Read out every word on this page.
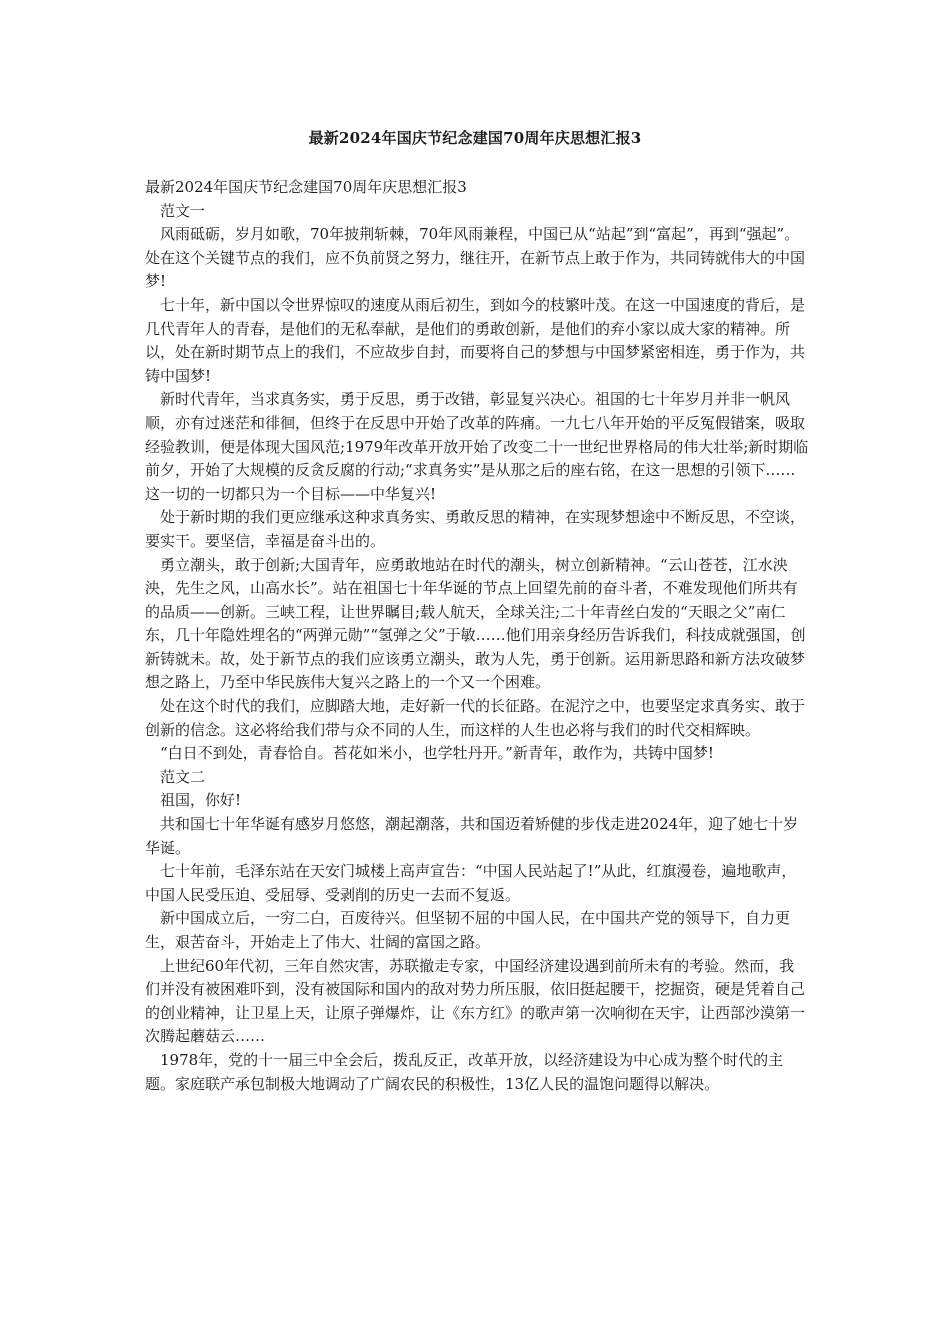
最新2024年国庆节纪念建国70周年庆思想汇报3

最新2024年国庆节纪念建国70周年庆思想汇报3

范文一

风雨砥砺，岁月如歌，70年披荆斩棘，70年风雨兼程，中国已从“站起”到“富起”，再到“强起”。处在这个关键节点的我们，应不负前贤之努力，继往开，在新节点上敢于作为，共同铸就伟大的中国梦!

七十年，新中国以令世界惊叹的速度从雨后初生，到如今的枝繁叶茂。在这一中国速度的背后，是几代青年人的青春，是他们的无私奉献，是他们的勇敢创新，是他们的弃小家以成大家的精神。所以，处在新时期节点上的我们，不应故步自封，而要将自己的梦想与中国梦紧密相连，勇于作为，共铸中国梦!

新时代青年，当求真务实，勇于反思，勇于改错，彰显复兴决心。祖国的七十年岁月并非一帆风顺，亦有过迷茫和徘徊，但终于在反思中开始了改革的阵痛。一九七八年开始的平反冤假错案，吸取经验教训，便是体现大国风范;1979年改革开放开始了改变二十一世纪世界格局的伟大壮举;新时期临前夕，开始了大规模的反贪反腐的行动;“求真务实”是从那之后的座右铭，在这一思想的引领下……这一切的一切都只为一个目标——中华复兴!

处于新时期的我们更应继承这种求真务实、勇敢反思的精神，在实现梦想途中不断反思，不空谈，要实干。要坚信，幸福是奋斗出的。

勇立潮头，敢于创新;大国青年，应勇敢地站在时代的潮头，树立创新精神。“云山苍苍，江水泱泱，先生之风，山高水长”。站在祖国七十年华诞的节点上回望先前的奋斗者，不难发现他们所共有的品质——创新。三峡工程，让世界瞩目;载人航天，全球关注;二十年青丝白发的“天眼之父”南仁东，几十年隐姓埋名的“两弹元勋”“氢弹之父”于敏……他们用亲身经历告诉我们，科技成就强国，创新铸就未。故，处于新节点的我们应该勇立潮头，敢为人先，勇于创新。运用新思路和新方法攻破梦想之路上，乃至中华民族伟大复兴之路上的一个又一个困难。

处在这个时代的我们，应脚踏大地，走好新一代的长征路。在泥泞之中，也要坚定求真务实、敢于创新的信念。这必将给我们带与众不同的人生，而这样的人生也必将与我们的时代交相辉映。

“白日不到处，青春恰自。苔花如米小，也学牡丹开。”新青年，敢作为，共铸中国梦!

范文二

祖国，你好!

共和国七十年华诞有感岁月悠悠，潮起潮落，共和国迈着矫健的步伐走进2024年，迎了她七十岁华诞。

七十年前，毛泽东站在天安门城楼上高声宣告：“中国人民站起了!”从此，红旗漫卷，遍地歌声，中国人民受压迫、受屈辱、受剥削的历史一去而不复返。

新中国成立后，一穷二白，百废待兴。但坚韧不屈的中国人民，在中国共产党的领导下，自力更生，艰苦奋斗，开始走上了伟大、壮阔的富国之路。

上世纪60年代初，三年自然灾害，苏联撤走专家，中国经济建设遇到前所未有的考验。然而，我们并没有被困难吓到，没有被国际和国内的敌对势力所压服，依旧挺起腰干，挖掘资，硬是凭着自己的创业精神，让卫星上天，让原子弹爆炸，让《东方红》的歌声第一次响彻在天宇，让西部沙漠第一次腾起蘑菇云……

1978年，党的十一届三中全会后，拨乱反正，改革开放，以经济建设为中心成为整个时代的主题。家庭联产承包制极大地调动了广阔农民的积极性，13亿人民的温饱问题得以解决。
